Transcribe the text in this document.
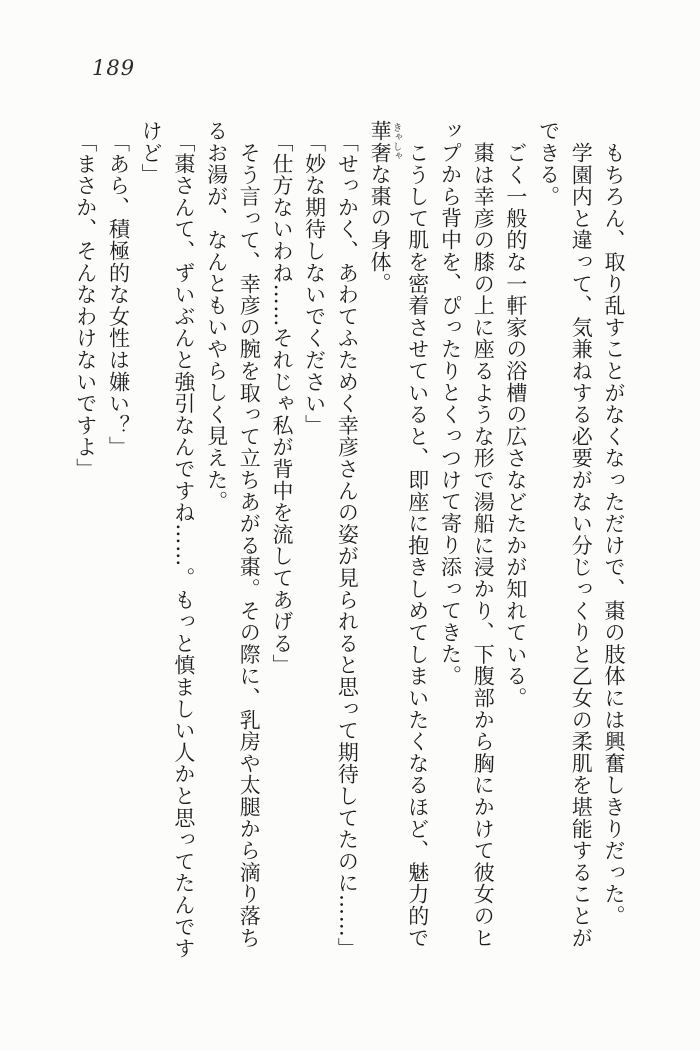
189
もちろん、取り乱すことがなくなっただけで、棗の肢体には興奮しきりだった。
学園内と違って、気兼ねする必要がない分じっくりと乙女の柔肌を堪能することが
できる。
ごく一般的な一軒家の浴槽の広さなどたかが知れている。
棗は幸彦の膝の上に座るような形で湯船に浸かり、下腹部から胸にかけて彼女のヒ
ップから背中を、ぴったりとくっつけて寄り添ってきた。
こうして肌を密着させていると、即座に抱きしめてしまいたくなるほど、魅力的で
華奢きゃしゃな棗の身体。
「せっかく、あわてふためく幸彦さんの姿が見られると思って期待してたのに……」
「妙な期待しないでください」
「仕方ないわね……それじゃ私が背中を流してあげる」
そう言って、幸彦の腕を取って立ちあがる棗。その際に、乳房や太腿から滴り落ち
るお湯が、なんともいやらしく見えた。
「棗さんて、ずいぶんと強引なんですね……。もっと慎ましい人かと思ってたんです
けど」
「あら、積極的な女性は嫌い？」
「まさか、そんなわけないですよ」
